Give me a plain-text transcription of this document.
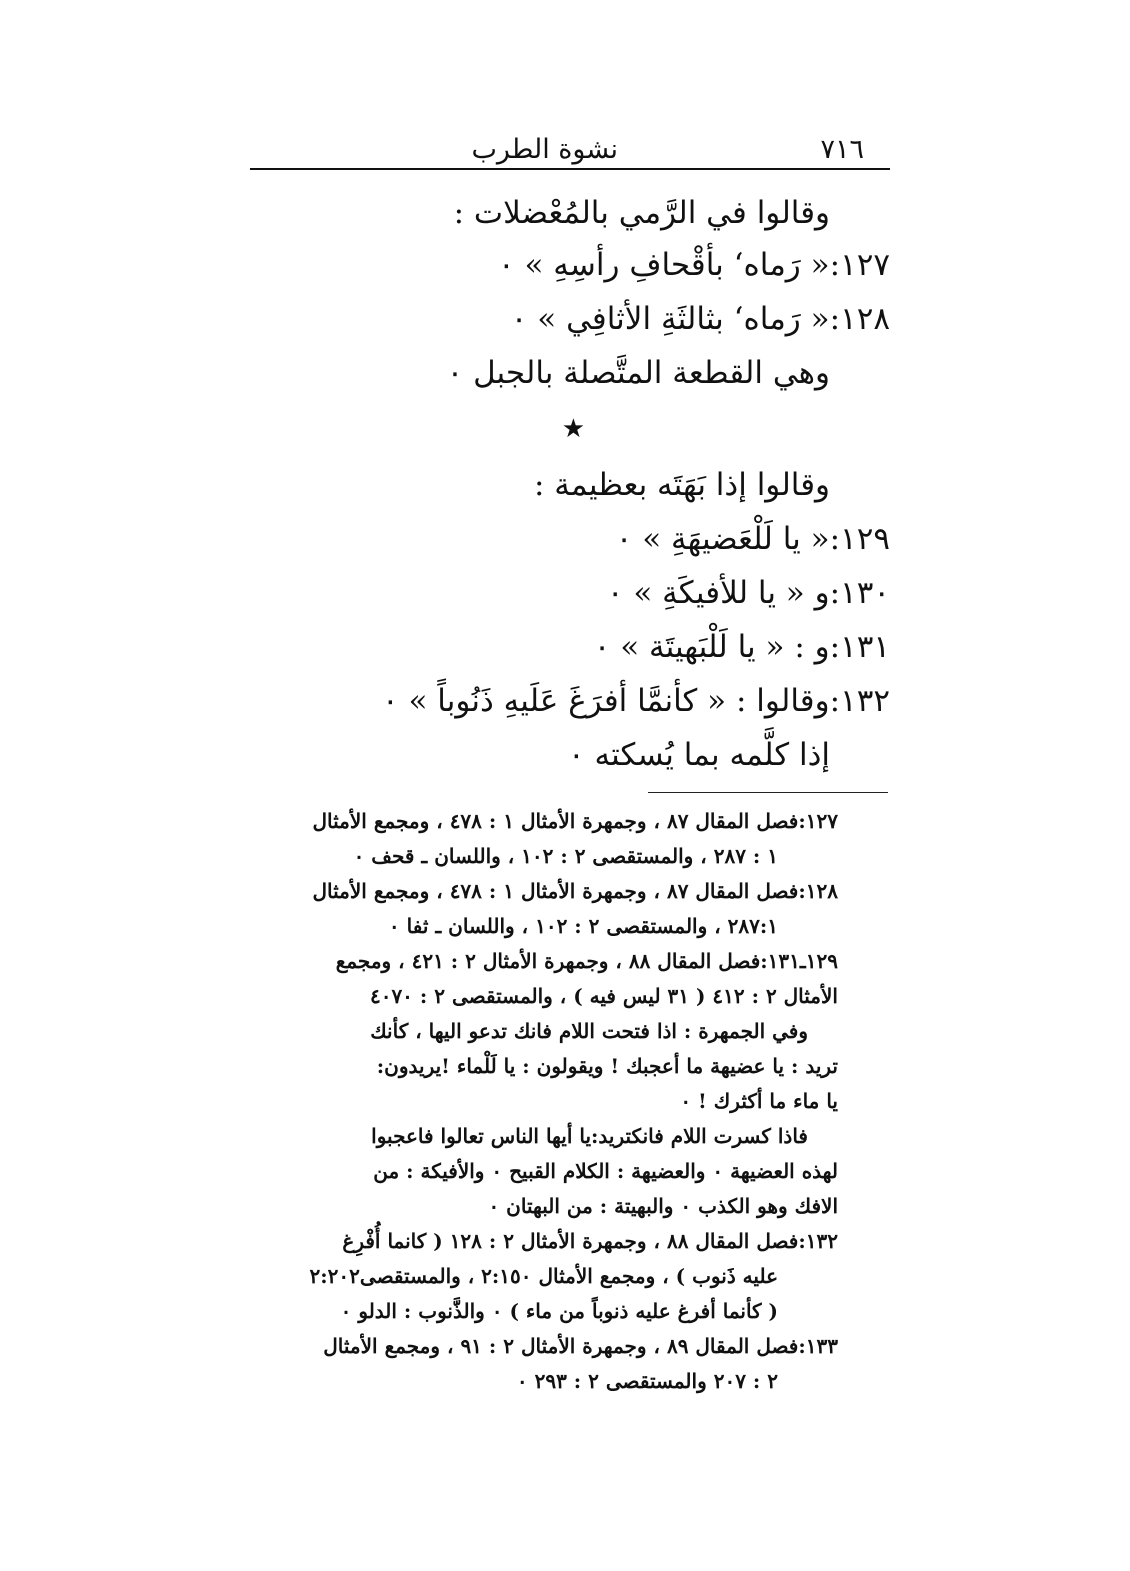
٧١٦
نشوة الطرب
وقالوا في الرَّمي بالمُعْضلات :
١٢٧:« رَماه‘ بأقْحافِ رأسِهِ » ٠
١٢٨:« رَماه‘ بثالثَةِ الأثافِي » ٠
وهي القطعة المتَّصلة بالجبل ٠
★
وقالوا إذا بَهَتَه بعظيمة :
١٢٩:« يا لَلْعَضيهَةِ » ٠
١٣٠:و « يا للأفيكَةِ » ٠
١٣١:و : « يا لَلْبَهيتَة » ٠
١٣٢:وقالوا : « كأنمَّا أفرَغَ عَلَيهِ ذَنُوباً » ٠
إذا كلَّمه بما يُسكته ٠
١٢٧:فصل المقال ٨٧ ، وجمهرة الأمثال ١ : ٤٧٨ ، ومجمع الأمثال
١ : ٢٨٧ ، والمستقصى ٢ : ١٠٢ ، واللسان ـ قحف ٠
١٢٨:فصل المقال ٨٧ ، وجمهرة الأمثال ١ : ٤٧٨ ، ومجمع الأمثال
٢٨٧:١ ، والمستقصى ٢ : ١٠٢ ، واللسان ـ ثفا ٠
١٢٩ـ١٣١:فصل المقال ٨٨ ، وجمهرة الأمثال ٢ : ٤٢١ ، ومجمع
الأمثال ٢ : ٤١٢ ( ٣١ ليس فيه ) ، والمستقصى ٢ : ٤٠٧٠
وفي الجمهرة : اذا فتحت اللام فانك تدعو اليها ، كأنك
تريد : يا عضيهة ما أعجبك ! ويقولون : يا لَلْماء !يريدون:
يا ماء ما أكثرك ! ٠
فاذا كسرت اللام فانكتريد:يا أيها الناس تعالوا فاعجبوا
لهذه العضيهة ٠ والعضيهة : الكلام القبيح ٠ والأفيكة : من
الافك وهو الكذب ٠ والبهيتة : من البهتان ٠
١٣٢:فصل المقال ٨٨ ، وجمهرة الأمثال ٢ : ١٢٨ ( كانما أُفْرِغ
عليه ذَنوب ) ، ومجمع الأمثال ٢:١٥٠ ، والمستقصى٢:٢٠٢
( كأنما أفرغ عليه ذنوباً من ماء ) ٠ والذَّنوب : الدلو ٠
١٣٣:فصل المقال ٨٩ ، وجمهرة الأمثال ٢ : ٩١ ، ومجمع الأمثال
٢ : ٢٠٧ والمستقصى ٢ : ٢٩٣ ٠
